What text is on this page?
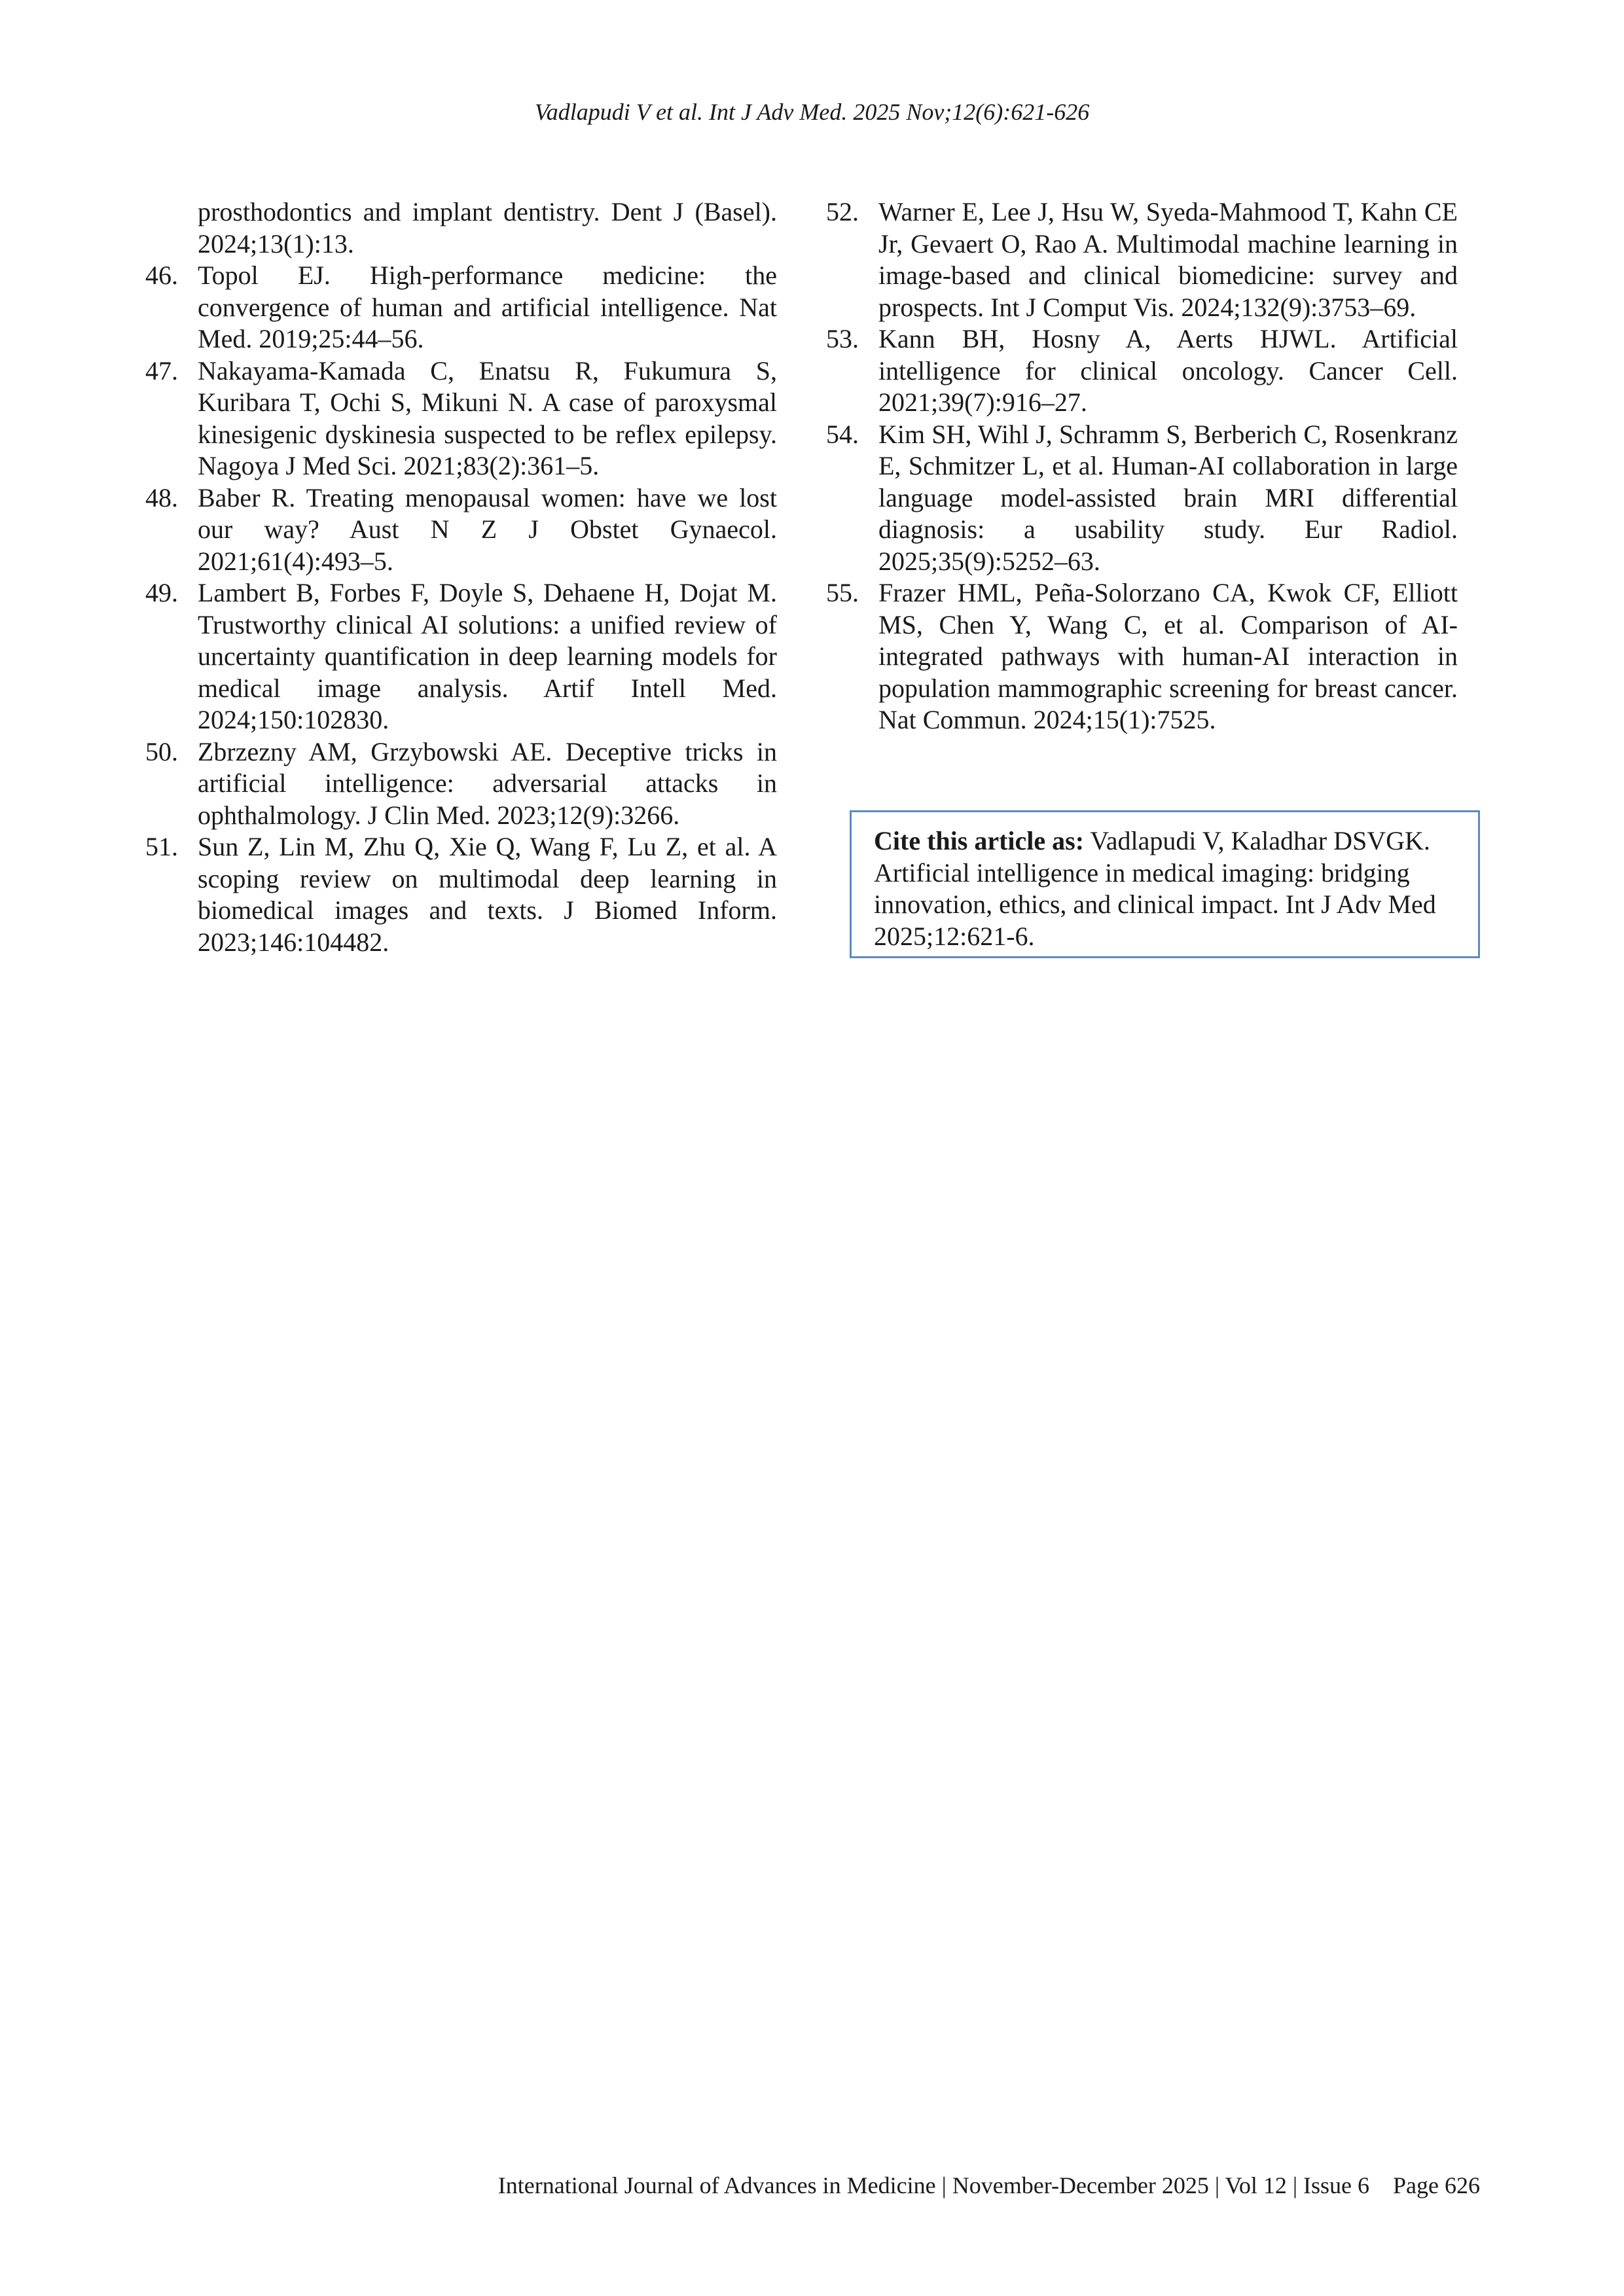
Vadlapudi V et al. Int J Adv Med. 2025 Nov;12(6):621-626
prosthodontics and implant dentistry. Dent J (Basel). 2024;13(1):13.
46. Topol EJ. High-performance medicine: the convergence of human and artificial intelligence. Nat Med. 2019;25:44–56.
47. Nakayama-Kamada C, Enatsu R, Fukumura S, Kuribara T, Ochi S, Mikuni N. A case of paroxysmal kinesigenic dyskinesia suspected to be reflex epilepsy. Nagoya J Med Sci. 2021;83(2):361–5.
48. Baber R. Treating menopausal women: have we lost our way? Aust N Z J Obstet Gynaecol. 2021;61(4):493–5.
49. Lambert B, Forbes F, Doyle S, Dehaene H, Dojat M. Trustworthy clinical AI solutions: a unified review of uncertainty quantification in deep learning models for medical image analysis. Artif Intell Med. 2024;150:102830.
50. Zbrzezny AM, Grzybowski AE. Deceptive tricks in artificial intelligence: adversarial attacks in ophthalmology. J Clin Med. 2023;12(9):3266.
51. Sun Z, Lin M, Zhu Q, Xie Q, Wang F, Lu Z, et al. A scoping review on multimodal deep learning in biomedical images and texts. J Biomed Inform. 2023;146:104482.
52. Warner E, Lee J, Hsu W, Syeda-Mahmood T, Kahn CE Jr, Gevaert O, Rao A. Multimodal machine learning in image-based and clinical biomedicine: survey and prospects. Int J Comput Vis. 2024;132(9):3753–69.
53. Kann BH, Hosny A, Aerts HJWL. Artificial intelligence for clinical oncology. Cancer Cell. 2021;39(7):916–27.
54. Kim SH, Wihl J, Schramm S, Berberich C, Rosenkranz E, Schmitzer L, et al. Human-AI collaboration in large language model-assisted brain MRI differential diagnosis: a usability study. Eur Radiol. 2025;35(9):5252–63.
55. Frazer HML, Peña-Solorzano CA, Kwok CF, Elliott MS, Chen Y, Wang C, et al. Comparison of AI-integrated pathways with human-AI interaction in population mammographic screening for breast cancer. Nat Commun. 2024;15(1):7525.
Cite this article as: Vadlapudi V, Kaladhar DSVGK. Artificial intelligence in medical imaging: bridging innovation, ethics, and clinical impact. Int J Adv Med 2025;12:621-6.
International Journal of Advances in Medicine | November-December 2025 | Vol 12 | Issue 6    Page 626
